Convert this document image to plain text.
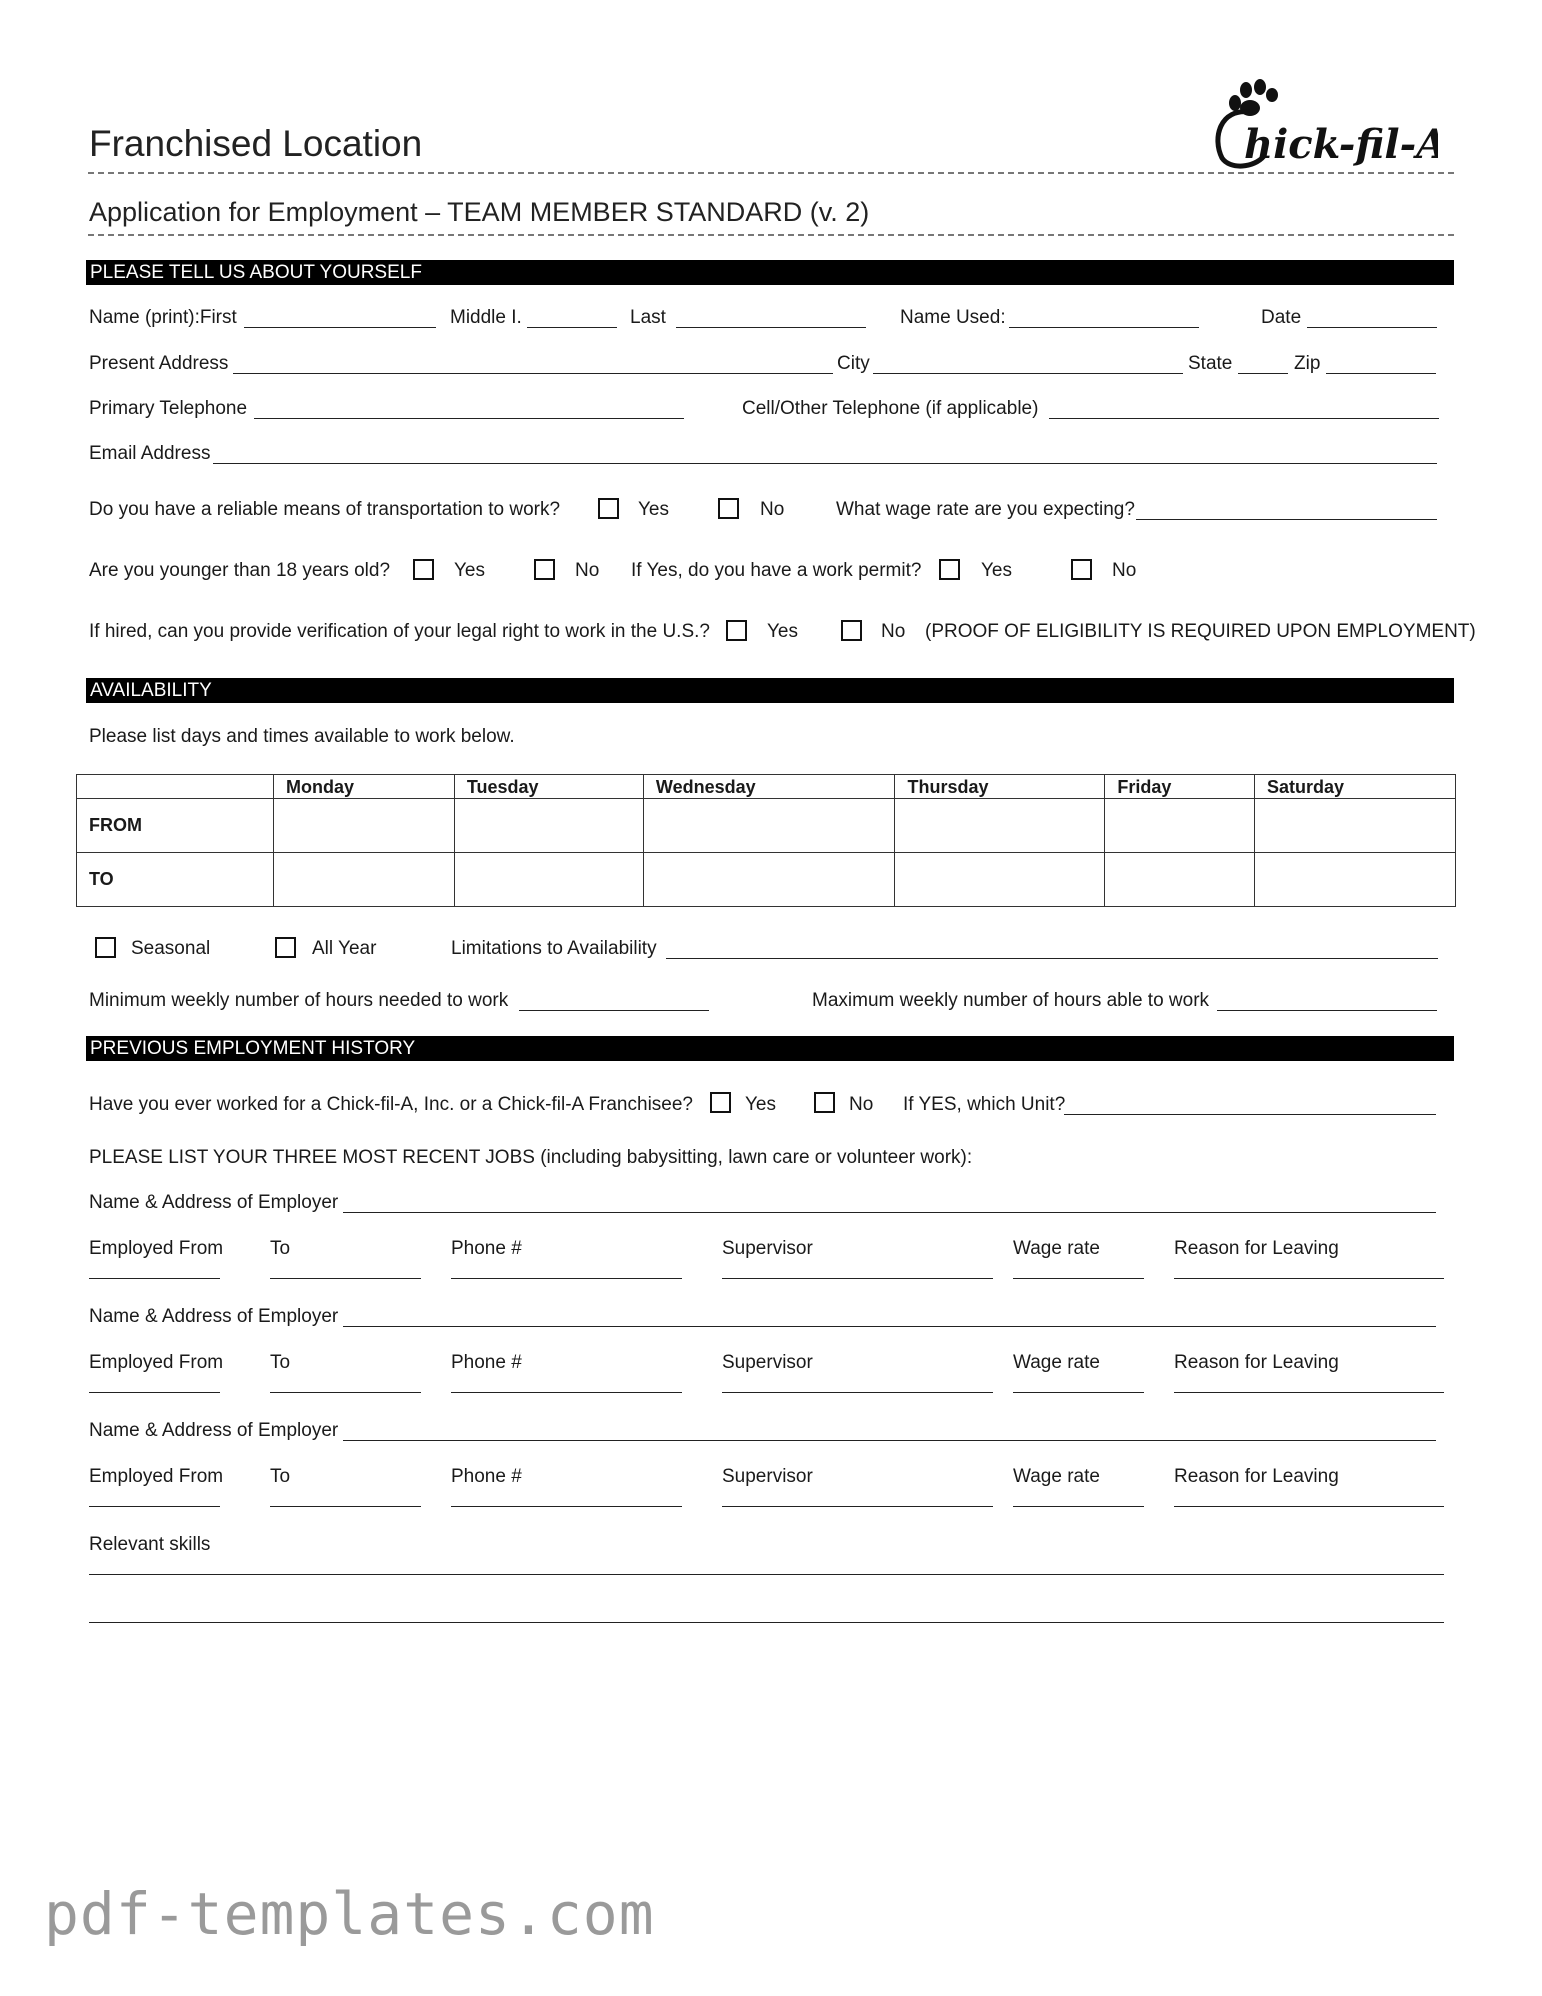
Franchised Location	hick-fil-A
Application for Employment – TEAM MEMBER STANDARD (v. 2)
PLEASE TELL US ABOUT YOURSELF
Name (print):First	Middle I.	Last	Name Used:	Date
Present Address	City	State	Zip
Primary Telephone	Cell/Other Telephone (if applicable)
Email Address
Do you have a reliable means of transportation to work?	Yes	No	What wage rate are you expecting?
Are you younger than 18 years old?	Yes	No If Yes, do you have a work permit?	Yes	No
If hired, can you provide verification of your legal right to work in the U.S.?	Yes	No (PROOF OF ELIGIBILITY IS REQUIRED UPON EMPLOYMENT)
AVAILABILITY
Please list days and times available to work below.
	Monday	Tuesday	Wednesday	Thursday	Friday	Saturday
FROM						
TO						
Seasonal	All Year	Limitations to Availability
Minimum weekly number of hours needed to work	Maximum weekly number of hours able to work
PREVIOUS EMPLOYMENT HISTORY
Have you ever worked for a Chick-fil-A, Inc. or a Chick-fil-A Franchisee?	Yes	No If YES, which Unit?
PLEASE LIST YOUR THREE MOST RECENT JOBS (including babysitting, lawn care or volunteer work):
Name & Address of Employer
Employed From To	Phone #	Supervisor	Wage rate	Reason for Leaving
Name & Address of Employer
Employed From To	Phone #	Supervisor	Wage rate	Reason for Leaving
Name & Address of Employer
Employed From To	Phone #	Supervisor	Wage rate	Reason for Leaving
Relevant skills
pdf-templates.com
